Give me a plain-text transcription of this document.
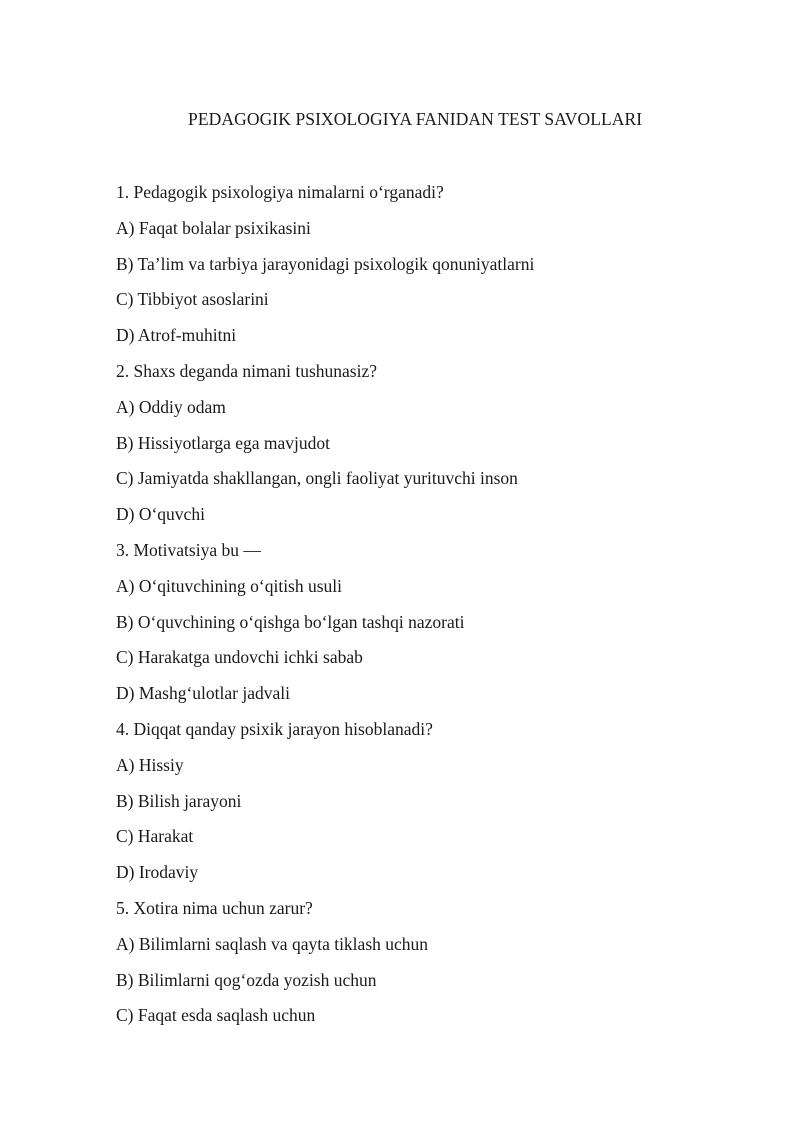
PEDAGOGIK PSIXOLOGIYA FANIDAN TEST SAVOLLARI
1. Pedagogik psixologiya nimalarni o‘rganadi?
A) Faqat bolalar psixikasini
B) Ta’lim va tarbiya jarayonidagi psixologik qonuniyatlarni
C) Tibbiyot asoslarini
D) Atrof-muhitni
2. Shaxs deganda nimani tushunasiz?
A) Oddiy odam
B) Hissiyotlarga ega mavjudot
C) Jamiyatda shakllangan, ongli faoliyat yurituvchi inson
D) O‘quvchi
3. Motivatsiya bu —
A) O‘qituvchining o‘qitish usuli
B) O‘quvchining o‘qishga bo‘lgan tashqi nazorati
C) Harakatga undovchi ichki sabab
D) Mashg‘ulotlar jadvali
4. Diqqat qanday psixik jarayon hisoblanadi?
A) Hissiy
B) Bilish jarayoni
C) Harakat
D) Irodaviy
5. Xotira nima uchun zarur?
A) Bilimlarni saqlash va qayta tiklash uchun
B) Bilimlarni qog‘ozda yozish uchun
C) Faqat esda saqlash uchun
